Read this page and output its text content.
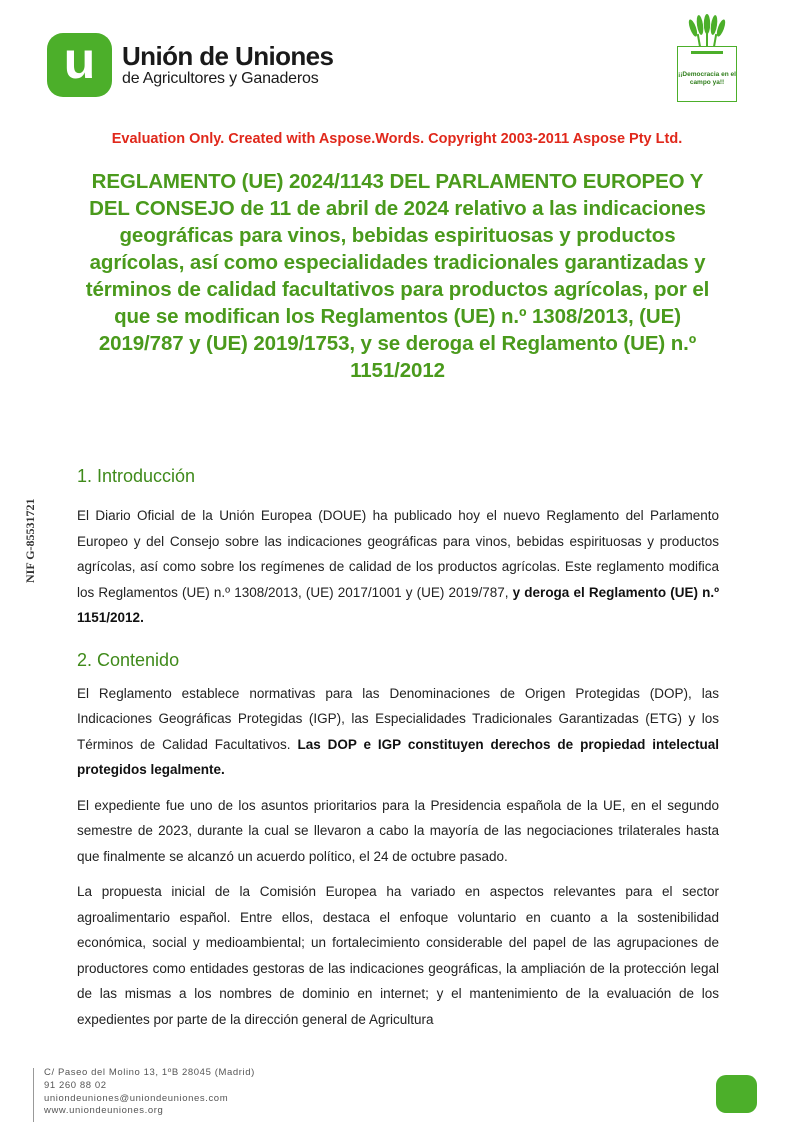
u Unión de Uniones
de Agricultores y Ganaderos	¡¡Democracia en el campo ya!!
Evaluation Only. Created with Aspose.Words. Copyright 2003-2011 Aspose Pty Ltd.
REGLAMENTO (UE) 2024/1143 DEL PARLAMENTO EUROPEO Y DEL CONSEJO de 11 de abril de 2024 relativo a las indicaciones geográficas para vinos, bebidas espirituosas y productos agrícolas, así como especialidades tradicionales garantizadas y términos de calidad facultativos para productos agrícolas, por el que se modifican los Reglamentos (UE) n.º 1308/2013, (UE) 2019/787 y (UE) 2019/1753, y se deroga el Reglamento (UE) n.º 1151/2012
NIF G-85531721
1. Introducción

El Diario Oficial de la Unión Europea (DOUE) ha publicado hoy el nuevo Reglamento del Parlamento Europeo y del Consejo sobre las indicaciones geográficas para vinos, bebidas espirituosas y productos agrícolas, así como sobre los regímenes de calidad de los productos agrícolas. Este reglamento modifica los Reglamentos (UE) n.º 1308/2013, (UE) 2017/1001 y (UE) 2019/787, y deroga el Reglamento (UE) n.º 1151/2012.

2. Contenido

El Reglamento establece normativas para las Denominaciones de Origen Protegidas (DOP), las Indicaciones Geográficas Protegidas (IGP), las Especialidades Tradicionales Garantizadas (ETG) y los Términos de Calidad Facultativos. Las DOP e IGP constituyen derechos de propiedad intelectual protegidos legalmente.

El expediente fue uno de los asuntos prioritarios para la Presidencia española de la UE, en el segundo semestre de 2023, durante la cual se llevaron a cabo la mayoría de las negociaciones trilaterales hasta que finalmente se alcanzó un acuerdo político, el 24 de octubre pasado.

La propuesta inicial de la Comisión Europea ha variado en aspectos relevantes para el sector agroalimentario español. Entre ellos, destaca el enfoque voluntario en cuanto a la sostenibilidad económica, social y medioambiental; un fortalecimiento considerable del papel de las agrupaciones de productores como entidades gestoras de las indicaciones geográficas, la ampliación de la protección legal de las mismas a los nombres de dominio en internet; y el mantenimiento de la evaluación de los expedientes por parte de la dirección general de Agricultura

C/ Paseo del Molino 13, 1ºB 28045 (Madrid)
91 260 88 02
uniondeuniones@uniondeuniones.com
www.uniondeuniones.org
